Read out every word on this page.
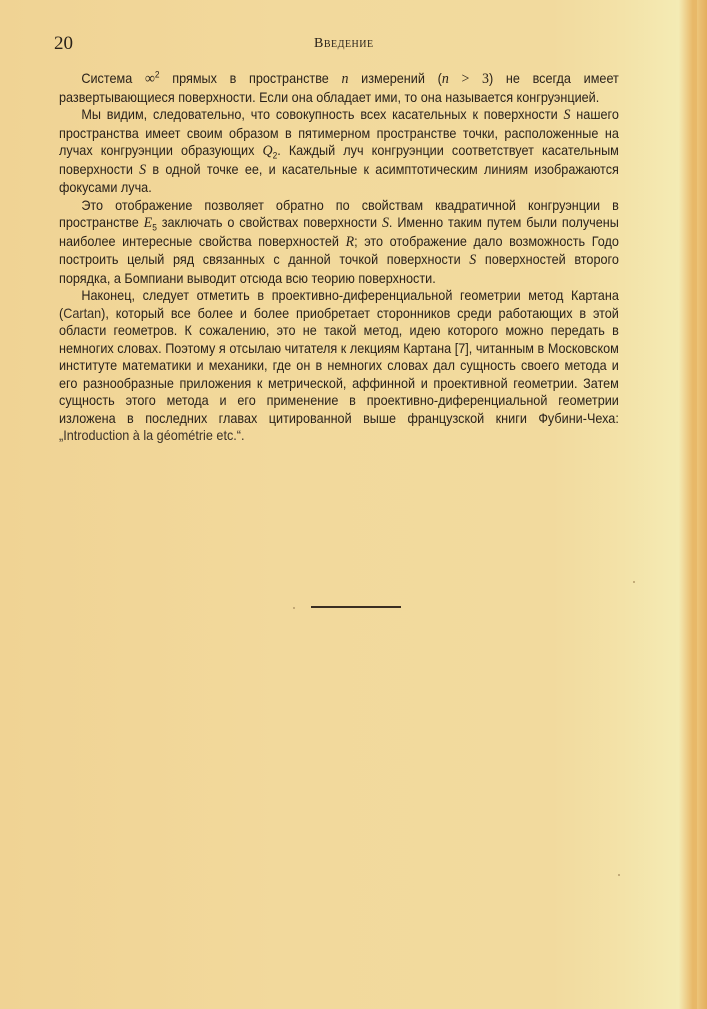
20	Введение

Система ∞$^2$ прямых в пространстве n измерений (n > 3) не всегда имеет развертывающиеся поверхности. Если она обладает ими, то она называется конгруэнцией.

Мы видим, следовательно, что совокупность всех касательных к поверхности S нашего пространства имеет своим образом в пятимерном пространстве точки, расположенные на лучах конгруэнции образующих $Q_2$. Каждый луч конгруэнции соответствует касательным поверхности S в одной точке ее, и касательные к асимптотическим линиям изображаются фокусами луча.

Это отображение позволяет обратно по свойствам квадратичной конгруэнции в пространстве $E_5$ заключать о свойствах поверхности S. Именно таким путем были получены наиболее интересные свойства поверхностей R; это отображение дало возможность Годо построить целый ряд связанных с данной точкой поверхности S поверхностей второго порядка, а Бомпиани выводит отсюда всю теорию поверхности.

Наконец, следует отметить в проективно-диференциальной геометрии метод Картана (Cartan), который все более и более приобретает сторонников среди работающих в этой области геометров. К сожалению, это не такой метод, идею которого можно передать в немногих словах. Поэтому я отсылаю читателя к лекциям Картана [7], читанным в Московском институте математики и механики, где он в немногих словах дал сущность своего метода и его разнообразные приложения к метрической, аффинной и проективной геометрии. Затем сущность этого метода и его применение в проективно-диференциальной геометрии изложена в последних главах цитированной выше французской книги Фубини-Чеха: „Introduction à la géométrie etc.“.
